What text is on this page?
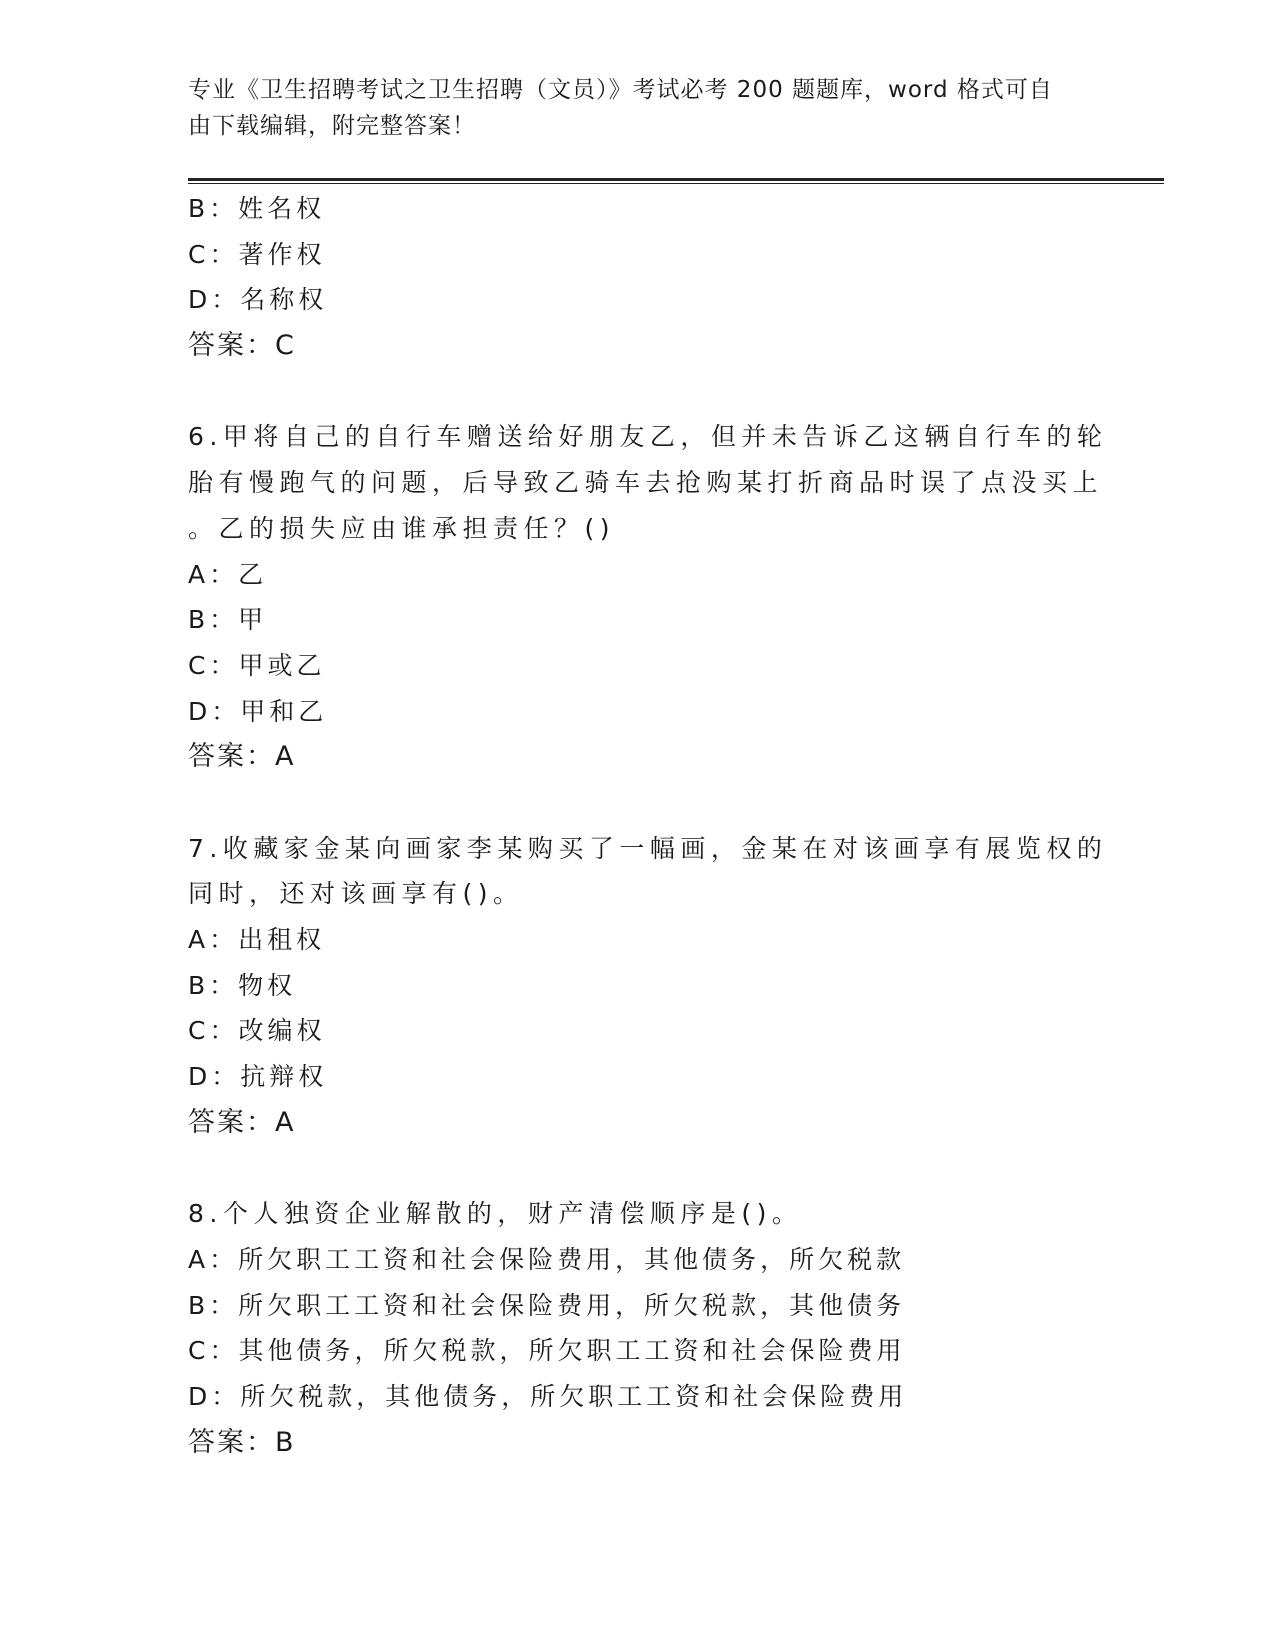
专业《卫生招聘考试之卫生招聘（文员）》考试必考 200 题题库，word 格式可自
由下载编辑，附完整答案！
B：姓名权
C：著作权
D：名称权
答案：C
6.甲将自己的自行车赠送给好朋友乙，但并未告诉乙这辆自行车的轮
胎有慢跑气的问题，后导致乙骑车去抢购某打折商品时误了点没买上
。乙的损失应由谁承担责任？()
A：乙
B：甲
C：甲或乙
D：甲和乙
答案：A
7.收藏家金某向画家李某购买了一幅画，金某在对该画享有展览权的
同时，还对该画享有()。
A：出租权
B：物权
C：改编权
D：抗辩权
答案：A
8.个人独资企业解散的，财产清偿顺序是()。
A：所欠职工工资和社会保险费用，其他债务，所欠税款
B：所欠职工工资和社会保险费用，所欠税款，其他债务
C：其他债务，所欠税款，所欠职工工资和社会保险费用
D：所欠税款，其他债务，所欠职工工资和社会保险费用
答案：B
